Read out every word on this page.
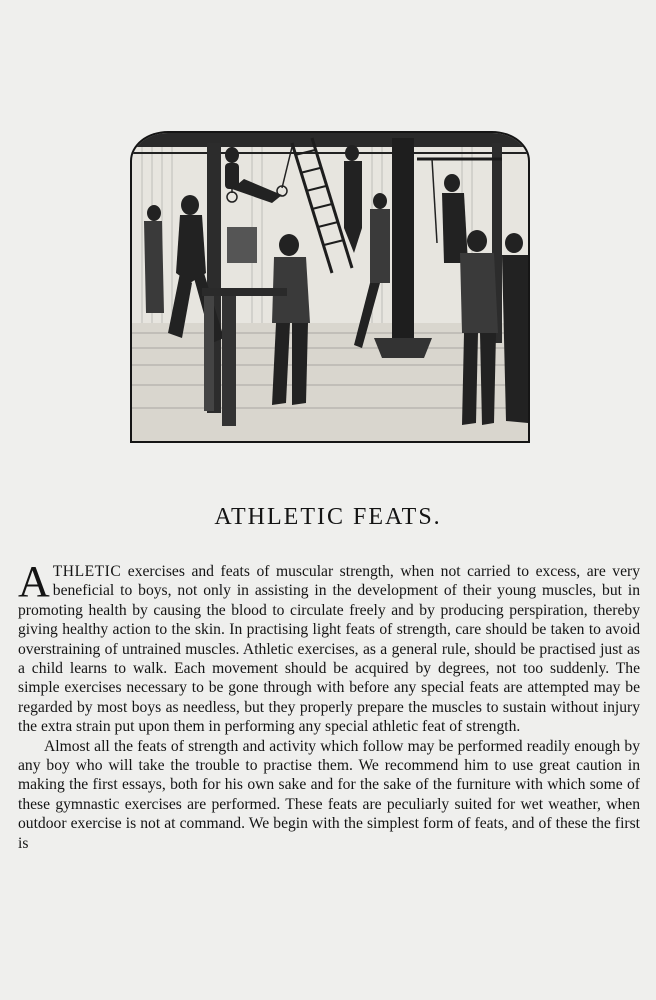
ATHLETIC FEATS.

ATHLETIC exercises and feats of muscular strength, when not carried to excess, are very beneficial to boys, not only in assisting in the development of their young muscles, but in promoting health by causing the blood to circulate freely and by producing perspiration, thereby giving healthy action to the skin. In practising light feats of strength, care should be taken to avoid overstraining of untrained muscles. Athletic exercises, as a general rule, should be practised just as a child learns to walk. Each movement should be acquired by degrees, not too suddenly. The simple exercises necessary to be gone through with before any special feats are attempted may be regarded by most boys as needless, but they properly prepare the muscles to sustain without injury the extra strain put upon them in performing any special athletic feat of strength.

Almost all the feats of strength and activity which follow may be performed readily enough by any boy who will take the trouble to practise them. We recommend him to use great caution in making the first essays, both for his own sake and for the sake of the furniture with which some of these gymnastic exercises are performed. These feats are peculiarly suited for wet weather, when outdoor exercise is not at command. We begin with the simplest form of feats, and of these the first is
